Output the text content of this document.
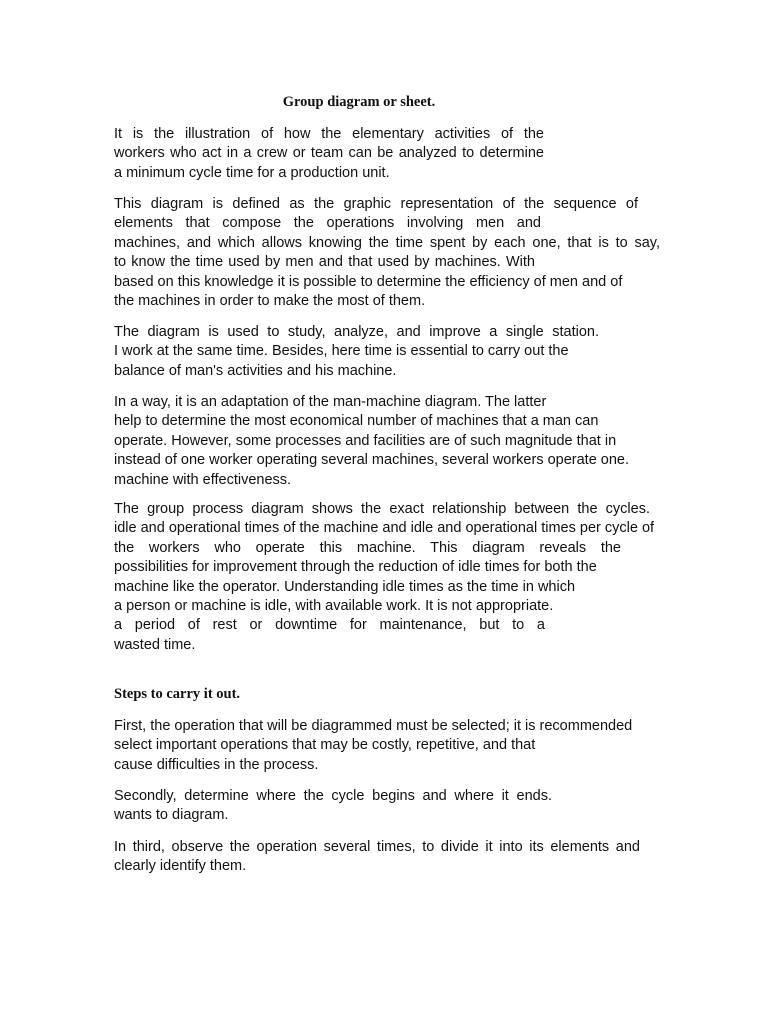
Group diagram or sheet.
It is the illustration of how the elementary activities of the
workers who act in a crew or team can be analyzed to determine
a minimum cycle time for a production unit.
This diagram is defined as the graphic representation of the sequence of
elements that compose the operations involving men and
machines, and which allows knowing the time spent by each one, that is to say,
to know the time used by men and that used by machines. With
based on this knowledge it is possible to determine the efficiency of men and of
the machines in order to make the most of them.
The diagram is used to study, analyze, and improve a single station.
I work at the same time. Besides, here time is essential to carry out the
balance of man's activities and his machine.
In a way, it is an adaptation of the man-machine diagram. The latter
help to determine the most economical number of machines that a man can
operate. However, some processes and facilities are of such magnitude that in
instead of one worker operating several machines, several workers operate one.
machine with effectiveness.
The group process diagram shows the exact relationship between the cycles.
idle and operational times of the machine and idle and operational times per cycle of
the workers who operate this machine. This diagram reveals the
possibilities for improvement through the reduction of idle times for both the
machine like the operator. Understanding idle times as the time in which
a person or machine is idle, with available work. It is not appropriate.
a period of rest or downtime for maintenance, but to a
wasted time.
Steps to carry it out.
First, the operation that will be diagrammed must be selected; it is recommended
select important operations that may be costly, repetitive, and that
cause difficulties in the process.
Secondly, determine where the cycle begins and where it ends.
wants to diagram.
In third, observe the operation several times, to divide it into its elements and
clearly identify them.
